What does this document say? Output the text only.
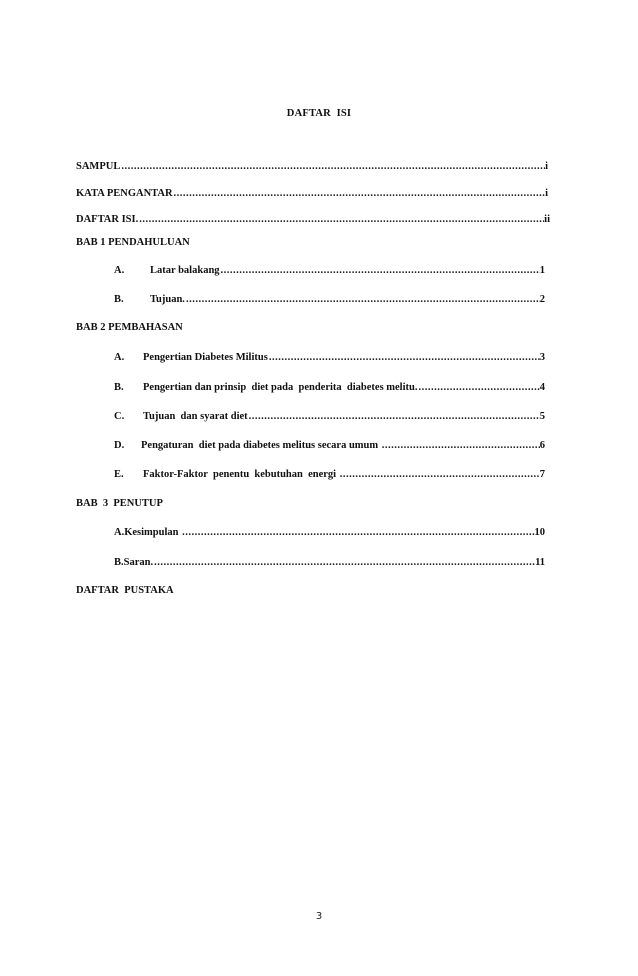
DAFTAR  ISI
SAMPUL .....	i
KATA PENGANTAR .....	i
DAFTAR ISI. .....	ii
BAB 1 PENDAHULUAN
A.	Latar balakang .....	1
B.	Tujuan. .....	2
BAB 2 PEMBAHASAN
A.	Pengertian Diabetes Militus .....	3
B.	Pengertian dan prinsip  diet pada  penderita  diabetes melitu. .....	4
C.	Tujuan  dan syarat diet .....	5
D.	Pengaturan  diet pada diabetes melitus secara umum .....	6
E.	Faktor-Faktor  penentu  kebutuhan  energi .....	7
BAB  3  PENUTUP
A.Kesimpulan .....	10
B.Saran. .....	11
DAFTAR  PUSTAKA
3
